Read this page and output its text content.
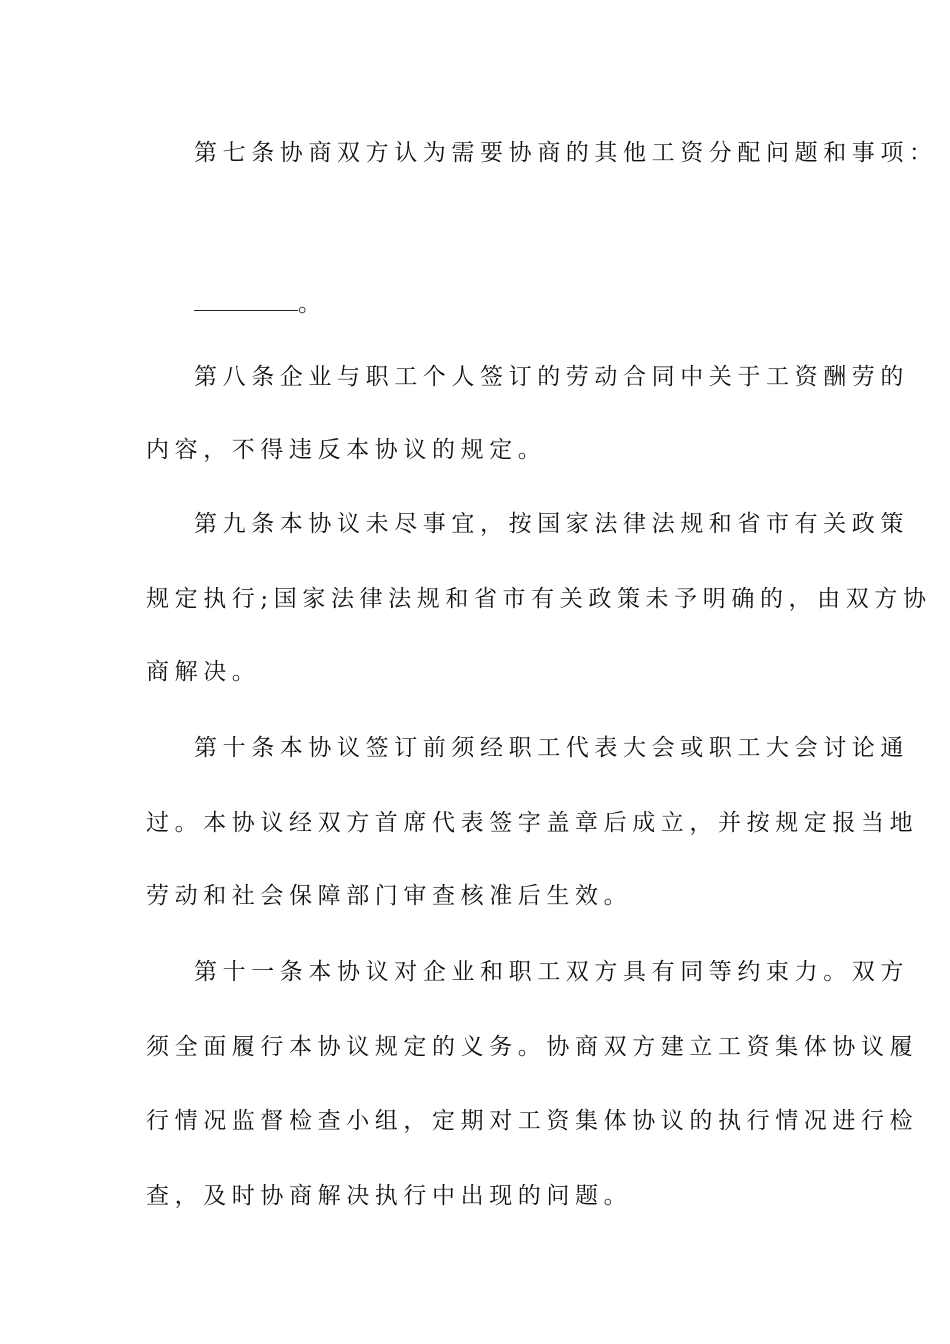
第七条协商双方认为需要协商的其他工资分配问题和事项：
。
第八条企业与职工个人签订的劳动合同中关于工资酬劳的
内容，不得违反本协议的规定。
第九条本协议未尽事宜，按国家法律法规和省市有关政策
规定执行;国家法律法规和省市有关政策未予明确的，由双方协
商解决。
第十条本协议签订前须经职工代表大会或职工大会讨论通
过。本协议经双方首席代表签字盖章后成立，并按规定报当地
劳动和社会保障部门审查核准后生效。
第十一条本协议对企业和职工双方具有同等约束力。双方
须全面履行本协议规定的义务。协商双方建立工资集体协议履
行情况监督检查小组，定期对工资集体协议的执行情况进行检
查，及时协商解决执行中出现的问题。
